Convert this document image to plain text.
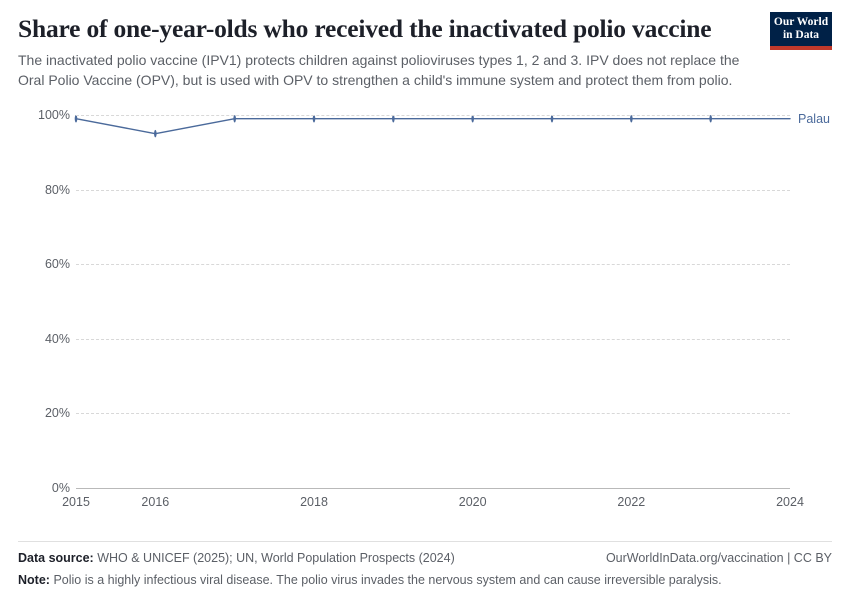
Share of one-year-olds who received the inactivated polio vaccine

The inactivated polio vaccine (IPV1) protects children against polioviruses types 1, 2 and 3. IPV does not replace the Oral Polio Vaccine (OPV), but is used with OPV to strengthen a child's immune system and protect them from polio.

Our World
in Data
0%
20%
40%
60%
80%
100%
2015	2016	2018	2020	2022	2024
Palau
Data source: WHO & UNICEF (2025); UN, World Population Prospects (2024)	OurWorldInData.org/vaccination | CC BY
Note: Polio is a highly infectious viral disease. The polio virus invades the nervous system and can cause irreversible paralysis.
